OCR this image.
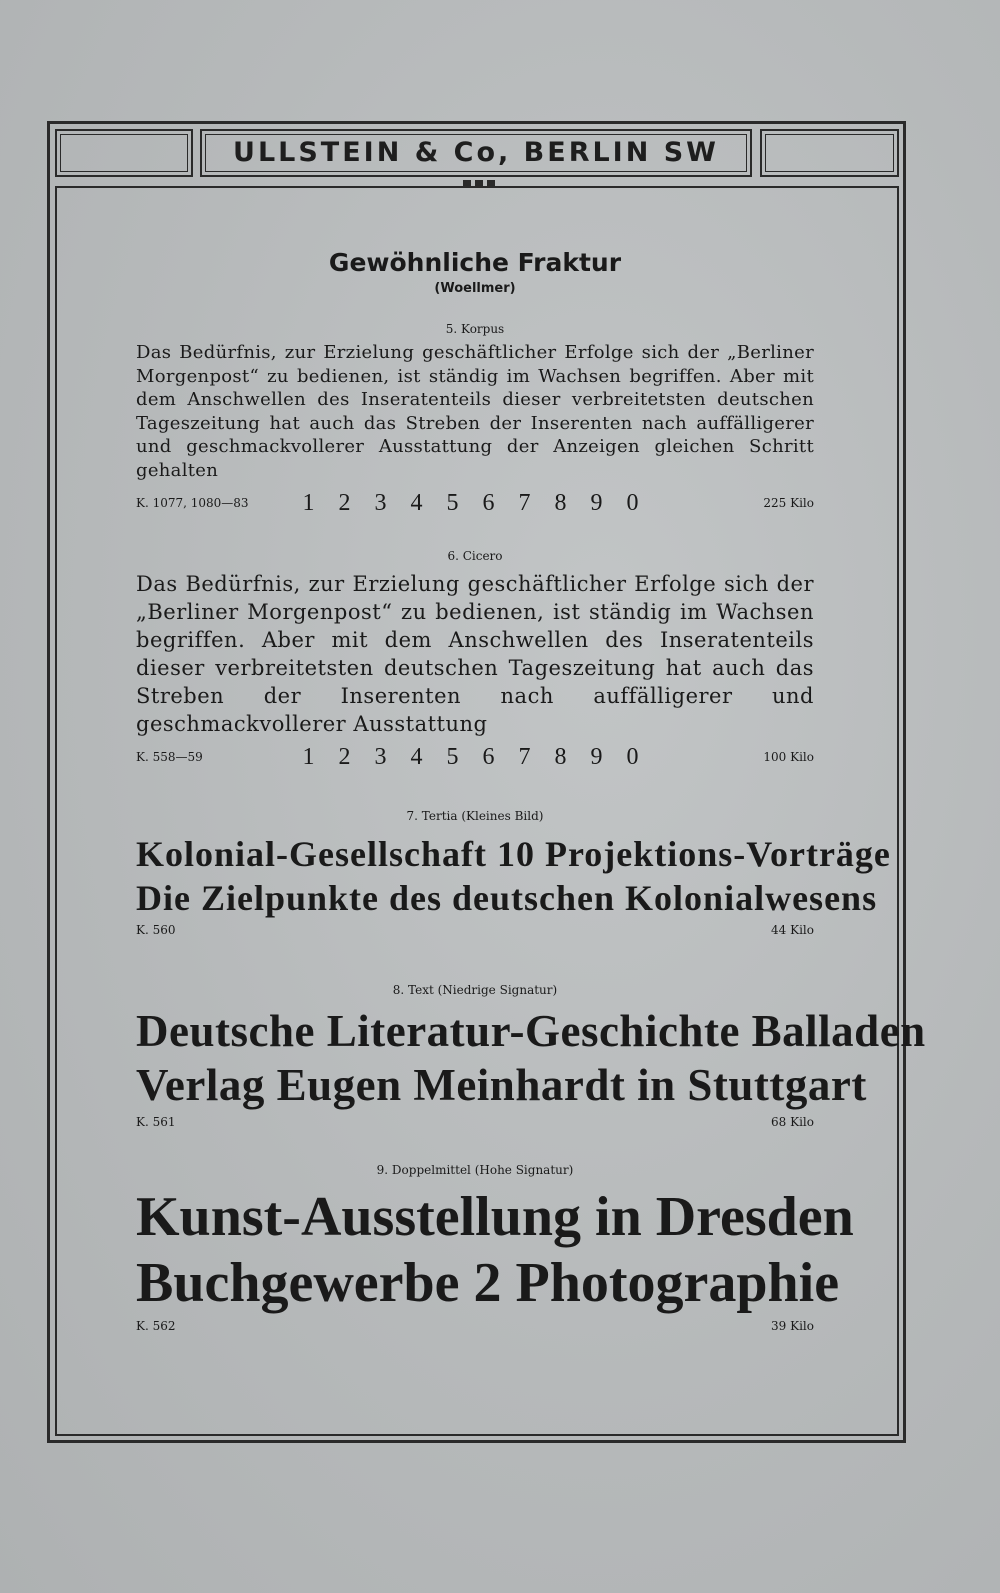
ULLSTEIN & Co, BERLIN SW
Gewöhnliche Fraktur
(Woellmer)
5. Korpus
Das Bedürfnis, zur Erzielung geschäftlicher Erfolge sich der „Berliner Morgenpost“ zu bedienen, ist ständig im Wachsen begriffen. Aber mit dem Anschwellen des Inseratenteils dieser verbreitetsten deutschen Tageszeitung hat auch das Streben der Inserenten nach auffälligerer und geschmackvollerer Ausstattung der Anzeigen gleichen Schritt gehalten
K. 1077, 1080—83	1 2 3 4 5 6 7 8 9 0	225 Kilo
6. Cicero
Das Bedürfnis, zur Erzielung geschäftlicher Erfolge sich der „Berliner Morgenpost“ zu bedienen, ist ständig im Wachsen begriffen. Aber mit dem Anschwellen des Inseratenteils dieser verbreitetsten deutschen Tageszeitung hat auch das Streben der Inserenten nach auffälligerer und geschmackvollerer Ausstattung
K. 558—59	1 2 3 4 5 6 7 8 9 0	100 Kilo
7. Tertia (Kleines Bild)
Kolonial-Gesellschaft 10 Projektions-Vorträge
Die Zielpunkte des deutschen Kolonialwesens
K. 560	44 Kilo
8. Text (Niedrige Signatur)
Deutsche Literatur-Geschichte Balladen
Verlag Eugen Meinhardt in Stuttgart
K. 561	68 Kilo
9. Doppelmittel (Hohe Signatur)
Kunst-Ausstellung in Dresden
Buchgewerbe 2 Photographie
K. 562	39 Kilo
